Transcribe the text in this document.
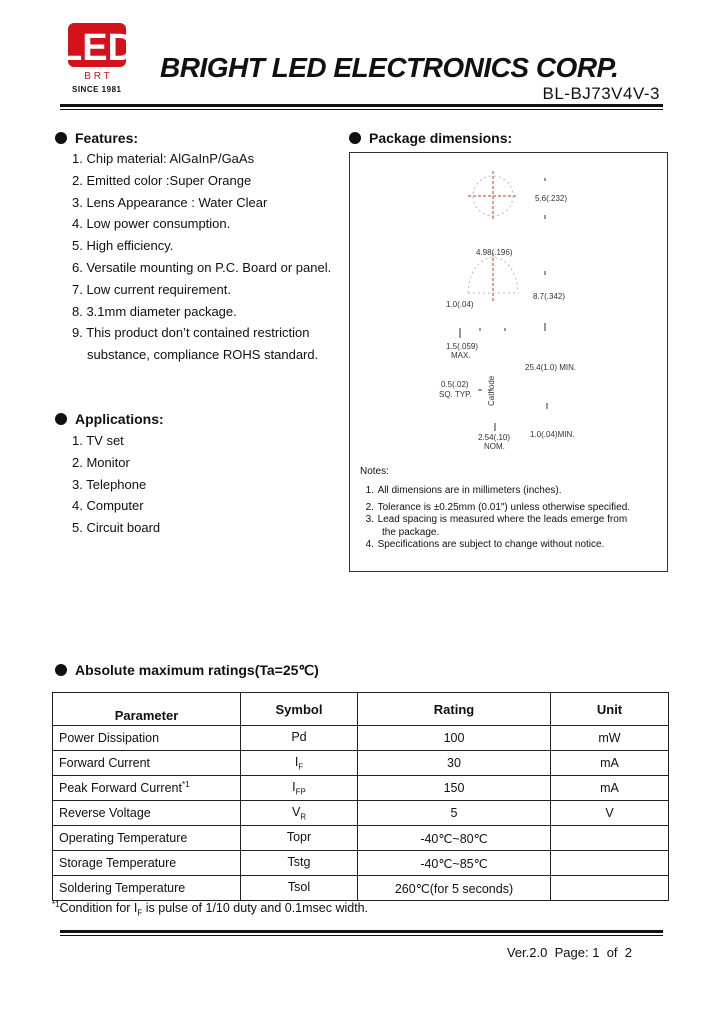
LED
B R T
SINCE 1981
BRIGHT LED ELECTRONICS CORP.
BL-BJ73V4V-3
Features:
1. Chip material: AlGaInP/GaAs
2. Emitted color :Super Orange
3. Lens Appearance : Water Clear
4. Low power consumption.
5. High efficiency.
6. Versatile mounting on P.C. Board or panel.
7. Low current requirement.
8. 3.1mm diameter package.
9. This product don’t contained restriction
substance, compliance ROHS standard.
Applications:
1. TV set
2. Monitor
3. Telephone
4. Computer
5. Circuit board
Package dimensions:
5.6(.232)
4.98(.196)
8.7(.342)
1.0(.04)
1.5(.059)
MAX.
25.4(1.0) MIN.
0.5(.02)
SQ. TYP. Cathode
2.54(.10)
NOM.
1.0(.04)MIN.
Notes:
1. All dimensions are in millimeters (inches).
2. Tolerance is ±0.25mm (0.01") unless otherwise specified.
3. Lead spacing is measured where the leads emerge from
the package.
4. Specifications are subject to change without notice.
Absolute maximum ratings(Ta=25℃)
Parameter	Symbol	Rating	Unit
Power Dissipation	Pd	100	mW
Forward Current	$I_F$	30	mA
Peak Forward Current$^{*1}$	$I_{FP}$	150	mA
Reverse Voltage	$V_R$	5	V
Operating Temperature	Topr	-40℃~80℃	
Storage Temperature	Tstg	-40℃~85℃	
Soldering Temperature	Tsol	260℃(for 5 seconds)	
$^{*1}$Condition for $I_F$ is pulse of 1/10 duty and 0.1msec width.
Ver.2.0 Page: 1 of 2
